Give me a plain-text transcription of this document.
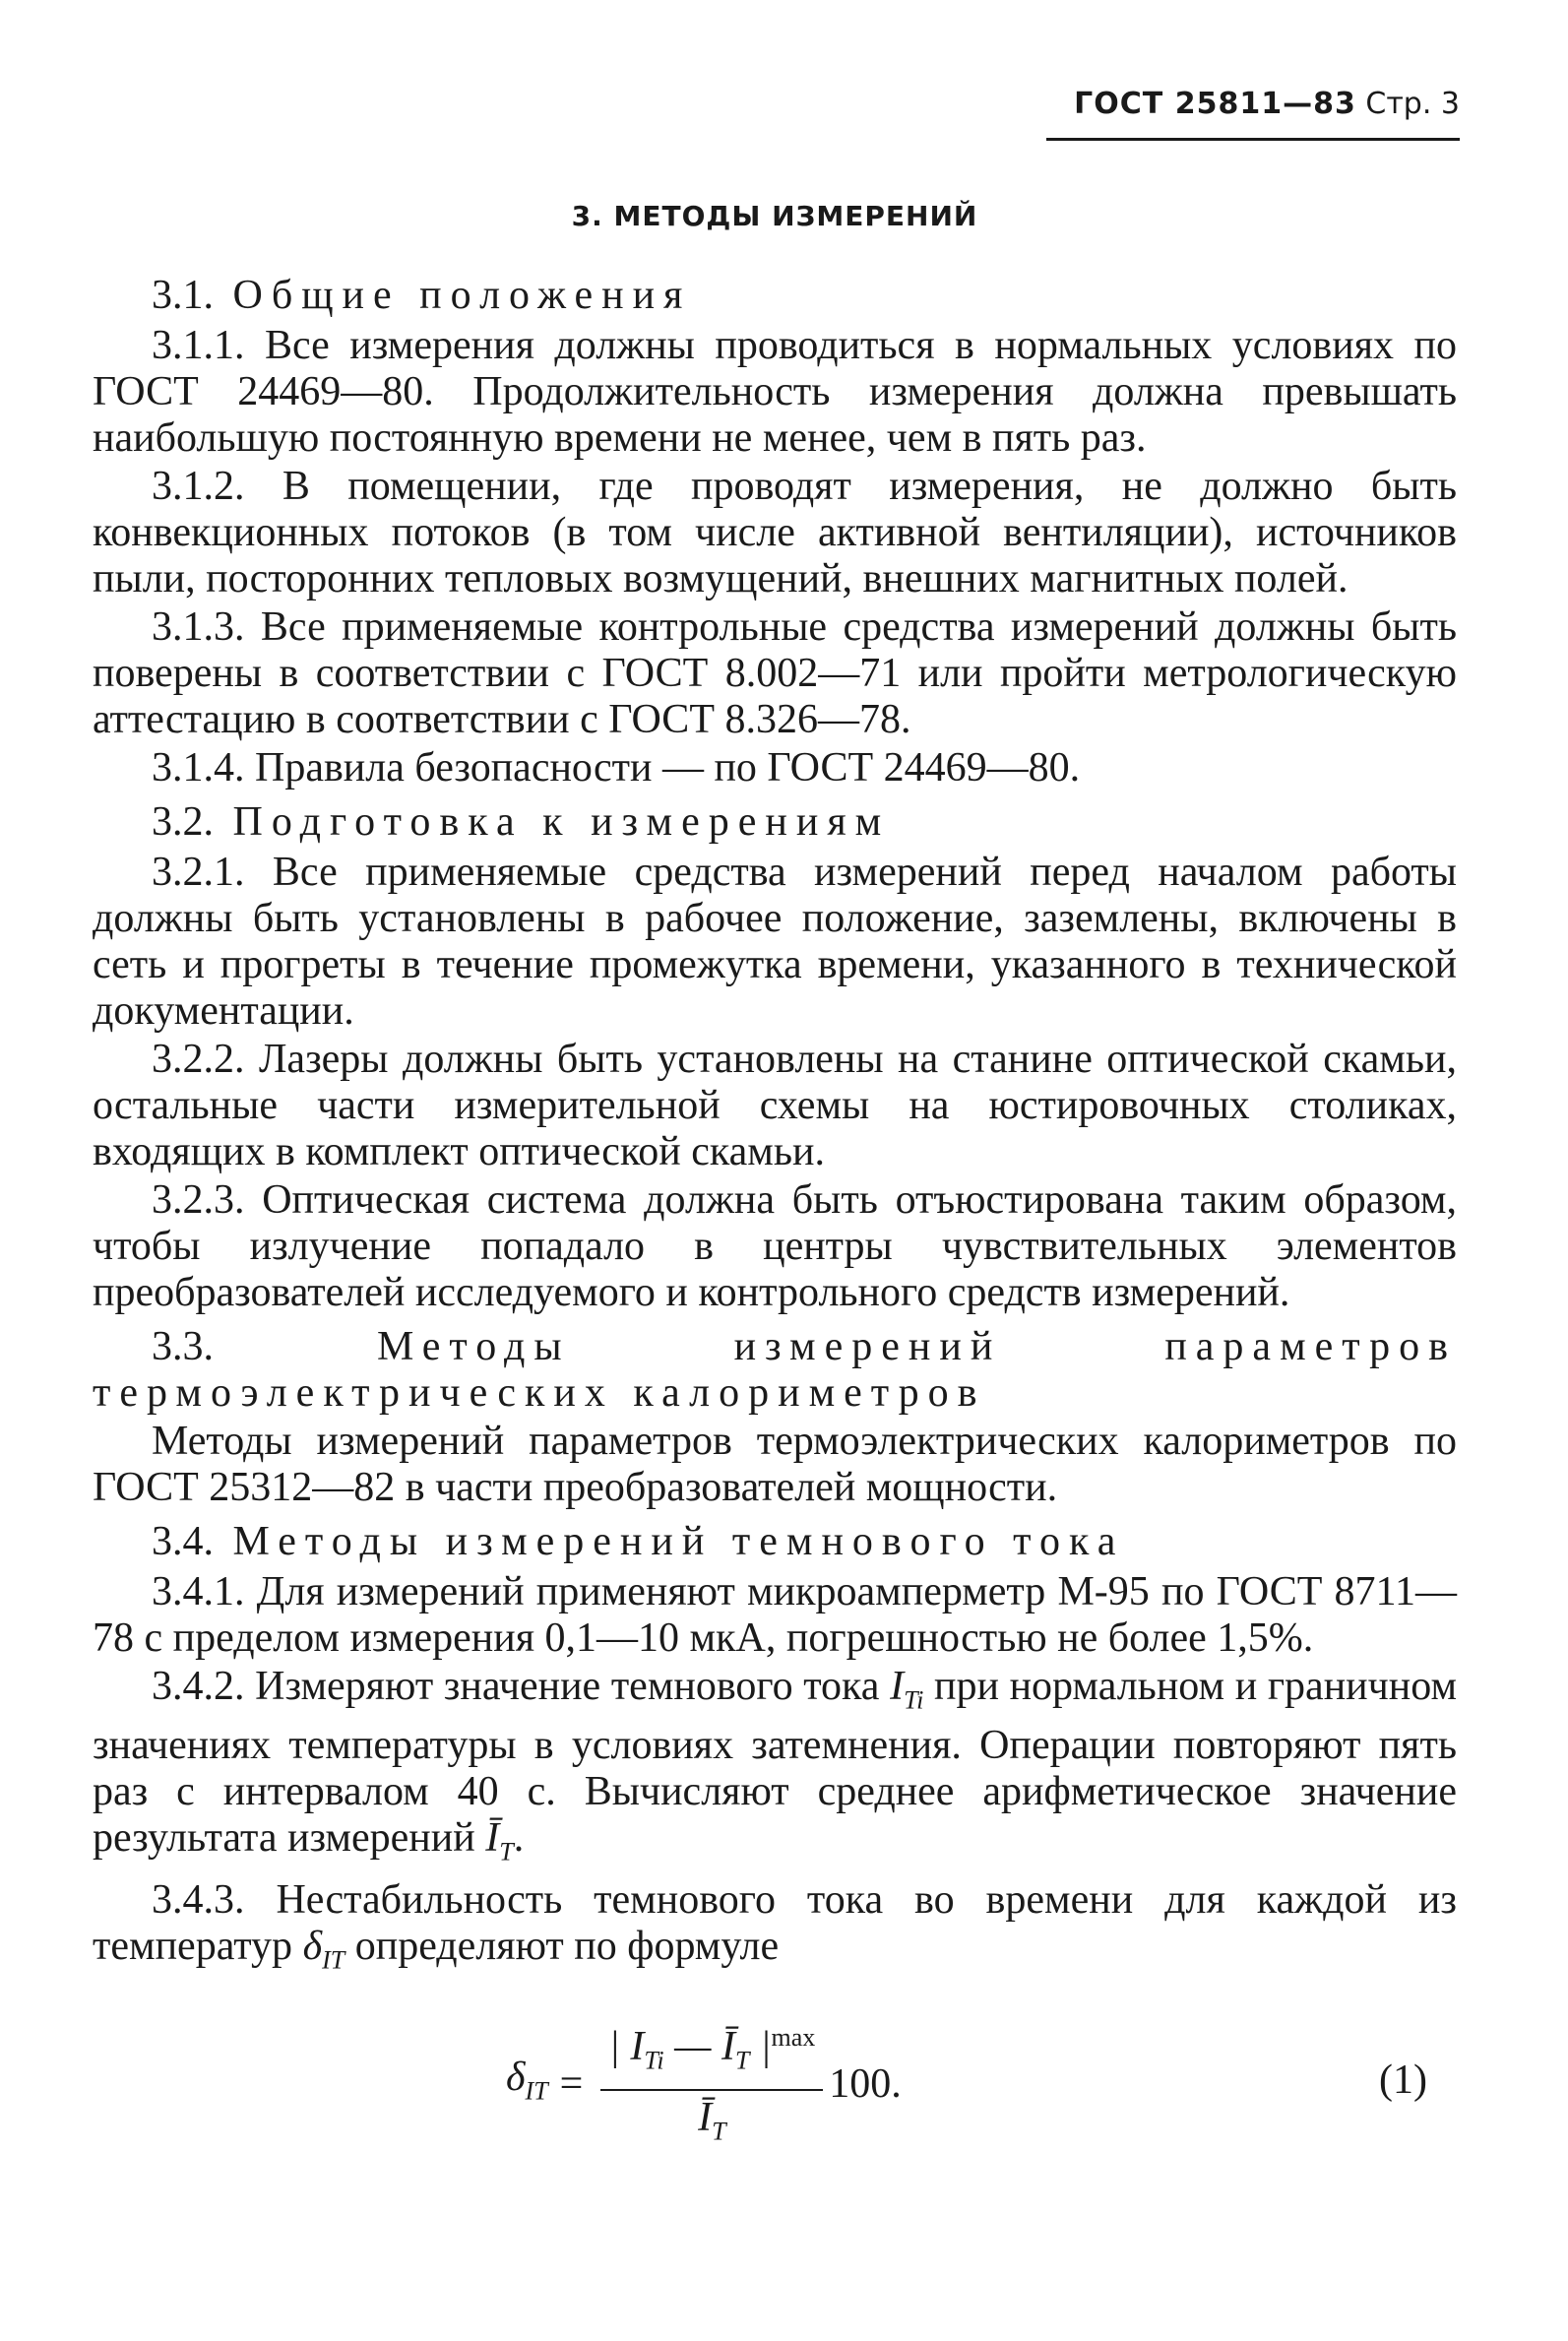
ГОСТ 25811—83 Стр. 3
3. МЕТОДЫ ИЗМЕРЕНИЙ

3.1. Общие положения

3.1.1. Все измерения должны проводиться в нормальных условиях по ГОСТ 24469—80. Продолжительность измерения должна превышать наибольшую постоянную времени не менее, чем в пять раз.

3.1.2. В помещении, где проводят измерения, не должно быть конвекционных потоков (в том числе активной вентиляции), источников пыли, посторонних тепловых возмущений, внешних магнитных полей.

3.1.3. Все применяемые контрольные средства измерений должны быть поверены в соответствии с ГОСТ 8.002—71 или пройти метрологическую аттестацию в соответствии с ГОСТ 8.326—78.

3.1.4. Правила безопасности — по ГОСТ 24469—80.

3.2. Подготовка к измерениям

3.2.1. Все применяемые средства измерений перед началом работы должны быть установлены в рабочее положение, заземлены, включены в сеть и прогреты в течение промежутка времени, указанного в технической документации.

3.2.2. Лазеры должны быть установлены на станине оптической скамьи, остальные части измерительной схемы на юстировочных столиках, входящих в комплект оптической скамьи.

3.2.3. Оптическая система должна быть отъюстирована таким образом, чтобы излучение попадало в центры чувствительных элементов преобразователей исследуемого и контрольного средств измерений.

3.3.	Методы измерений параметров термоэлектрических калориметров

Методы измерений параметров термоэлектрических калориметров по ГОСТ 25312—82 в части преобразователей мощности.

3.4. Методы измерений темнового тока

3.4.1. Для измерений применяют микроамперметр М-95 по ГОСТ 8711—78 с пределом измерения 0,1—10 мкА, погрешностью не более 1,5%.

3.4.2. Измеряют значение темнового тока $I_{Ti}$ при нормальном и граничном значениях температуры в условиях затемнения. Операции повторяют пять раз с интервалом 40 с. Вычисляют среднее арифметическое значение результата измерений $Ī_T$.

3.4.3. Нестабильность темнового тока во времени для каждой из температур $\delta_{IT}$ определяют по формуле

$\delta_{IT} = \frac{| I_{Ti} — Ī_T |^{max}}{Ī_T} 100$.	(1)
